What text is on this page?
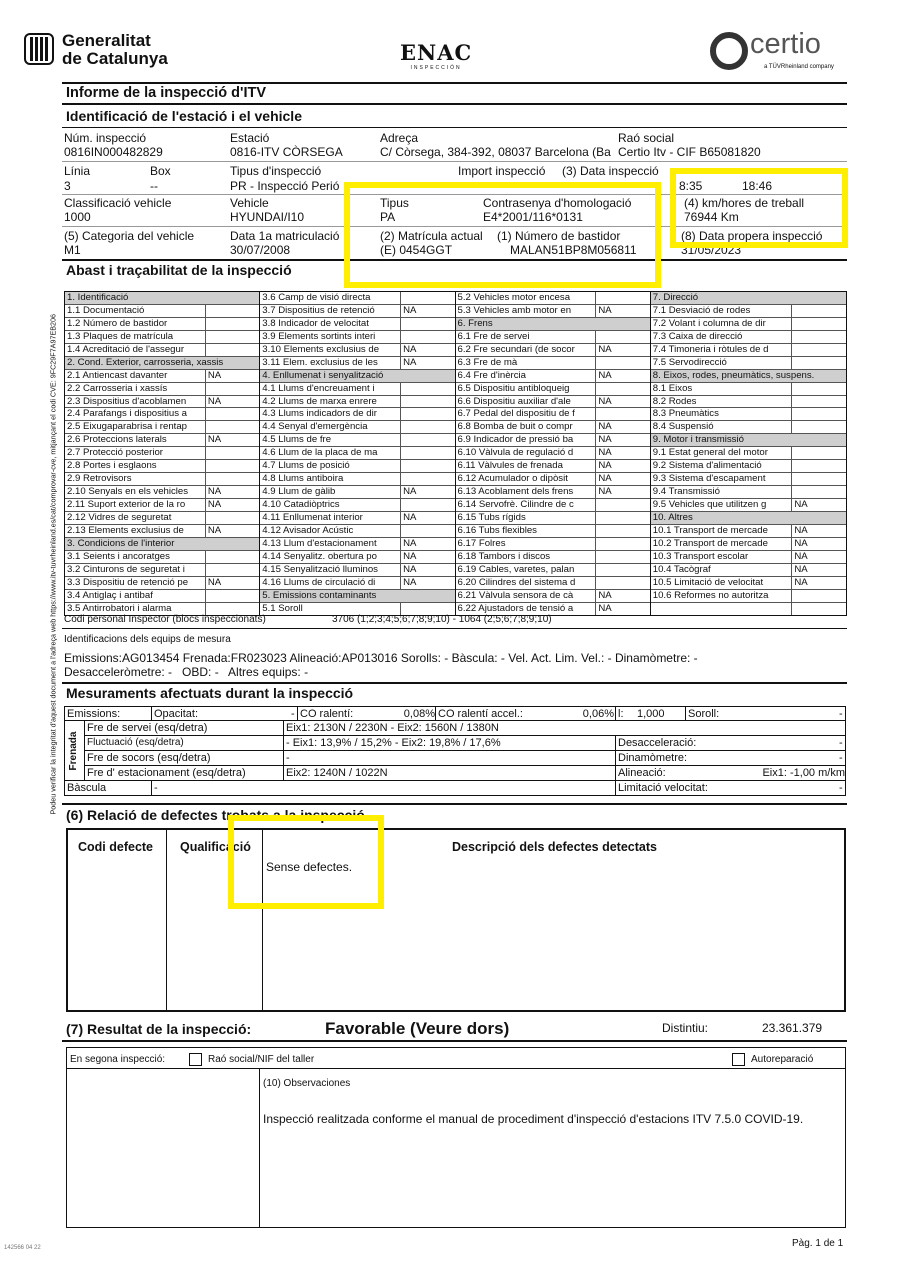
Generalitat
de Catalunya	ENAC
INSPECCIÓN
certio
a TÜVRheinland company
Podeu verificar la integritat d'aquest document a l'adreça web https://www.itv-tuvrheinland.es/cat/comprovar-cve, mitjançant el codi CVE: 9FC29F7A97EB206
Informe de la inspecció d'ITV
Identificació de l'estació i el vehicle
Núm. inspecció
0816IN000482829
Estació
0816-ITV CÒRSEGA
Adreça
C/ Còrsega, 384-392, 08037 Barcelona (Ba
Raó social
Certio Itv - CIF B65081820
Línia
3
Box
--
Tipus d'inspecció
PR - Inspecció Perió
Import inspecció (3) Data inspecció
8:35	18:46
Classificació vehicle
1000
Vehicle
HYUNDAI/I10
Tipus
PA
Contrasenya d'homologació
E4*2001/116*0131
(4) km/hores de treball
76944 Km
(5) Categoria del vehicle
M1
Data 1a matriculació
30/07/2008
(2) Matrícula actual
(E) 0454GGT
(1) Número de bastidor
MALAN51BP8M056811
(8) Data propera inspecció
31/05/2023
Abast i traçabilitat de la inspecció
1. Identificació
1.1 Documentació
1.2 Número de bastidor
1.3 Plaques de matrícula
1.4 Acreditació de l'assegur
2. Cond. Exterior, carrosseria, xassis
2.1 Antiencast davanter	NA
2.2 Carrosseria i xassís
2.3 Dispositius d'acoblamen	NA
2.4 Parafangs i dispositius a
2.5 Eixugaparabrisa i rentap
2.6 Proteccions laterals	NA
2.7 Protecció posterior
2.8 Portes i esglaons
2.9 Retrovisors
2.10 Senyals en els vehicles	NA
2.11 Suport exterior de la ro	NA
2.12 Vidres de seguretat
2.13 Elements exclusius de	NA
3. Condicions de l'interior
3.1 Seients i ancoratges
3.2 Cinturons de seguretat i
3.3 Dispositiu de retenció pe	NA
3.4 Antiglaç i antibaf
3.5 Antirrobatori i alarma
3.6 Camp de visió directa
3.7 Dispositius de retenció	NA
3.8 Indicador de velocitat
3.9 Elements sortints interi
3.10 Elements exclusius de	NA
3.11 Elem. exclusius de les	NA
4. Enllumenat i senyalització
4.1 Llums d'encreuament i
4.2 Llums de marxa enrere
4.3 Llums indicadors de dir
4.4 Senyal d'emergència
4.5 Llums de fre
4.6 Llum de la placa de ma
4.7 Llums de posició
4.8 Llums antiboira
4.9 Llum de gàlib	NA
4.10 Catadiòptrics
4.11 Enllumenat interior	NA
4.12 Avisador Acústic
4.13 Llum d'estacionament	NA
4.14 Senyalitz. obertura po	NA
4.15 Senyalització lluminos	NA
4.16 Llums de circulació di	NA
5. Emissions contaminants
5.1 Soroll
5.2 Vehicles motor encesa
5.3 Vehicles amb motor en	NA
6. Frens
6.1 Fre de servei
6.2 Fre secundari (de socor	NA
6.3 Fre de mà
6.4 Fre d'inèrcia	NA
6.5 Dispositiu antibloqueig
6.6 Dispositiu auxiliar d'ale	NA
6.7 Pedal del dispositiu de f
6.8 Bomba de buit o compr	NA
6.9 Indicador de pressió ba	NA
6.10 Vàlvula de regulació d	NA
6.11 Vàlvules de frenada	NA
6.12 Acumulador o dipòsit	NA
6.13 Acoblament dels frens	NA
6.14 Servofrè. Cilindre de c
6.15 Tubs rígids
6.16 Tubs flexibles
6.17 Folres
6.18 Tambors i discos
6.19 Cables, varetes, palan
6.20 Cilindres del sistema d
6.21 Vàlvula sensora de cà	NA
6.22 Ajustadors de tensió a	NA
7. Direcció
7.1 Desviació de rodes
7.2 Volant i columna de dir
7.3 Caixa de direcció
7.4 Timoneria i ròtules de d
7.5 Servodirecció
8. Eixos, rodes, pneumàtics, suspens.
8.1 Eixos
8.2 Rodes
8.3 Pneumàtics
8.4 Suspensió
9. Motor i transmissió
9.1 Estat general del motor
9.2 Sistema d'alimentació
9.3 Sistema d'escapament
9.4 Transmissió
9.5 Vehicles que utilitzen g	NA
10. Altres
10.1 Transport de mercade	NA
10.2 Transport de mercade	NA
10.3 Transport escolar	NA
10.4 Tacògraf	NA
10.5 Limitació de velocitat	NA
10.6 Reformes no autoritza
Codi personal Inspector (blocs inspeccionats)	3706 (1;2;3;4;5;6;7;8;9;10) - 1064 (2;5;6;7;8;9;10)
Identificacions dels equips de mesura
Emissions:AG013454 Frenada:FR023023 Alineació:AP013016 Sorolls: - Bàscula: - Vel. Act. Lim. Vel.: - Dinamòmetre: -
Desacceleròmetre: -   OBD: -   Altres equips: -
Mesuraments afectuats durant la inspecció
Emissions:	Opacitat:	- CO ralentí:	0,08% CO ralentí accel.:	0,06% l:	1,000	Soroll:	-
Frenada
Fre de servei (esq/detra)	Eix1: 2130N / 2230N - Eix2: 1560N / 1380N
Fluctuació (esq/detra)	- Eix1: 13,9% / 15,2% - Eix2: 19,8% / 17,6%	Desacceleració:	-
Fre de socors (esq/detra)	-	Dinamòmetre:	-
Fre d' estacionament (esq/detra)	Eix2: 1240N / 1022N	Alineació:	Eix1: -1,00 m/km
Bàscula	-	Limitació velocitat:	-
(6) Relació de defectes trobats a la inspecció
Codi defecte Qualificació	Descripció dels defectes detectats
Sense defectes.
(7) Resultat de la inspecció:	Favorable (Veure dors)	Distintiu:	23.361.379
En segona inspecció:	Raó social/NIF del taller	Autoreparació
(10) Observaciones
Inspecció realitzada conforme el manual de procediment d'inspecció d'estacions ITV 7.5.0 COVID-19.
Pàg. 1 de 1
142566 04 22
